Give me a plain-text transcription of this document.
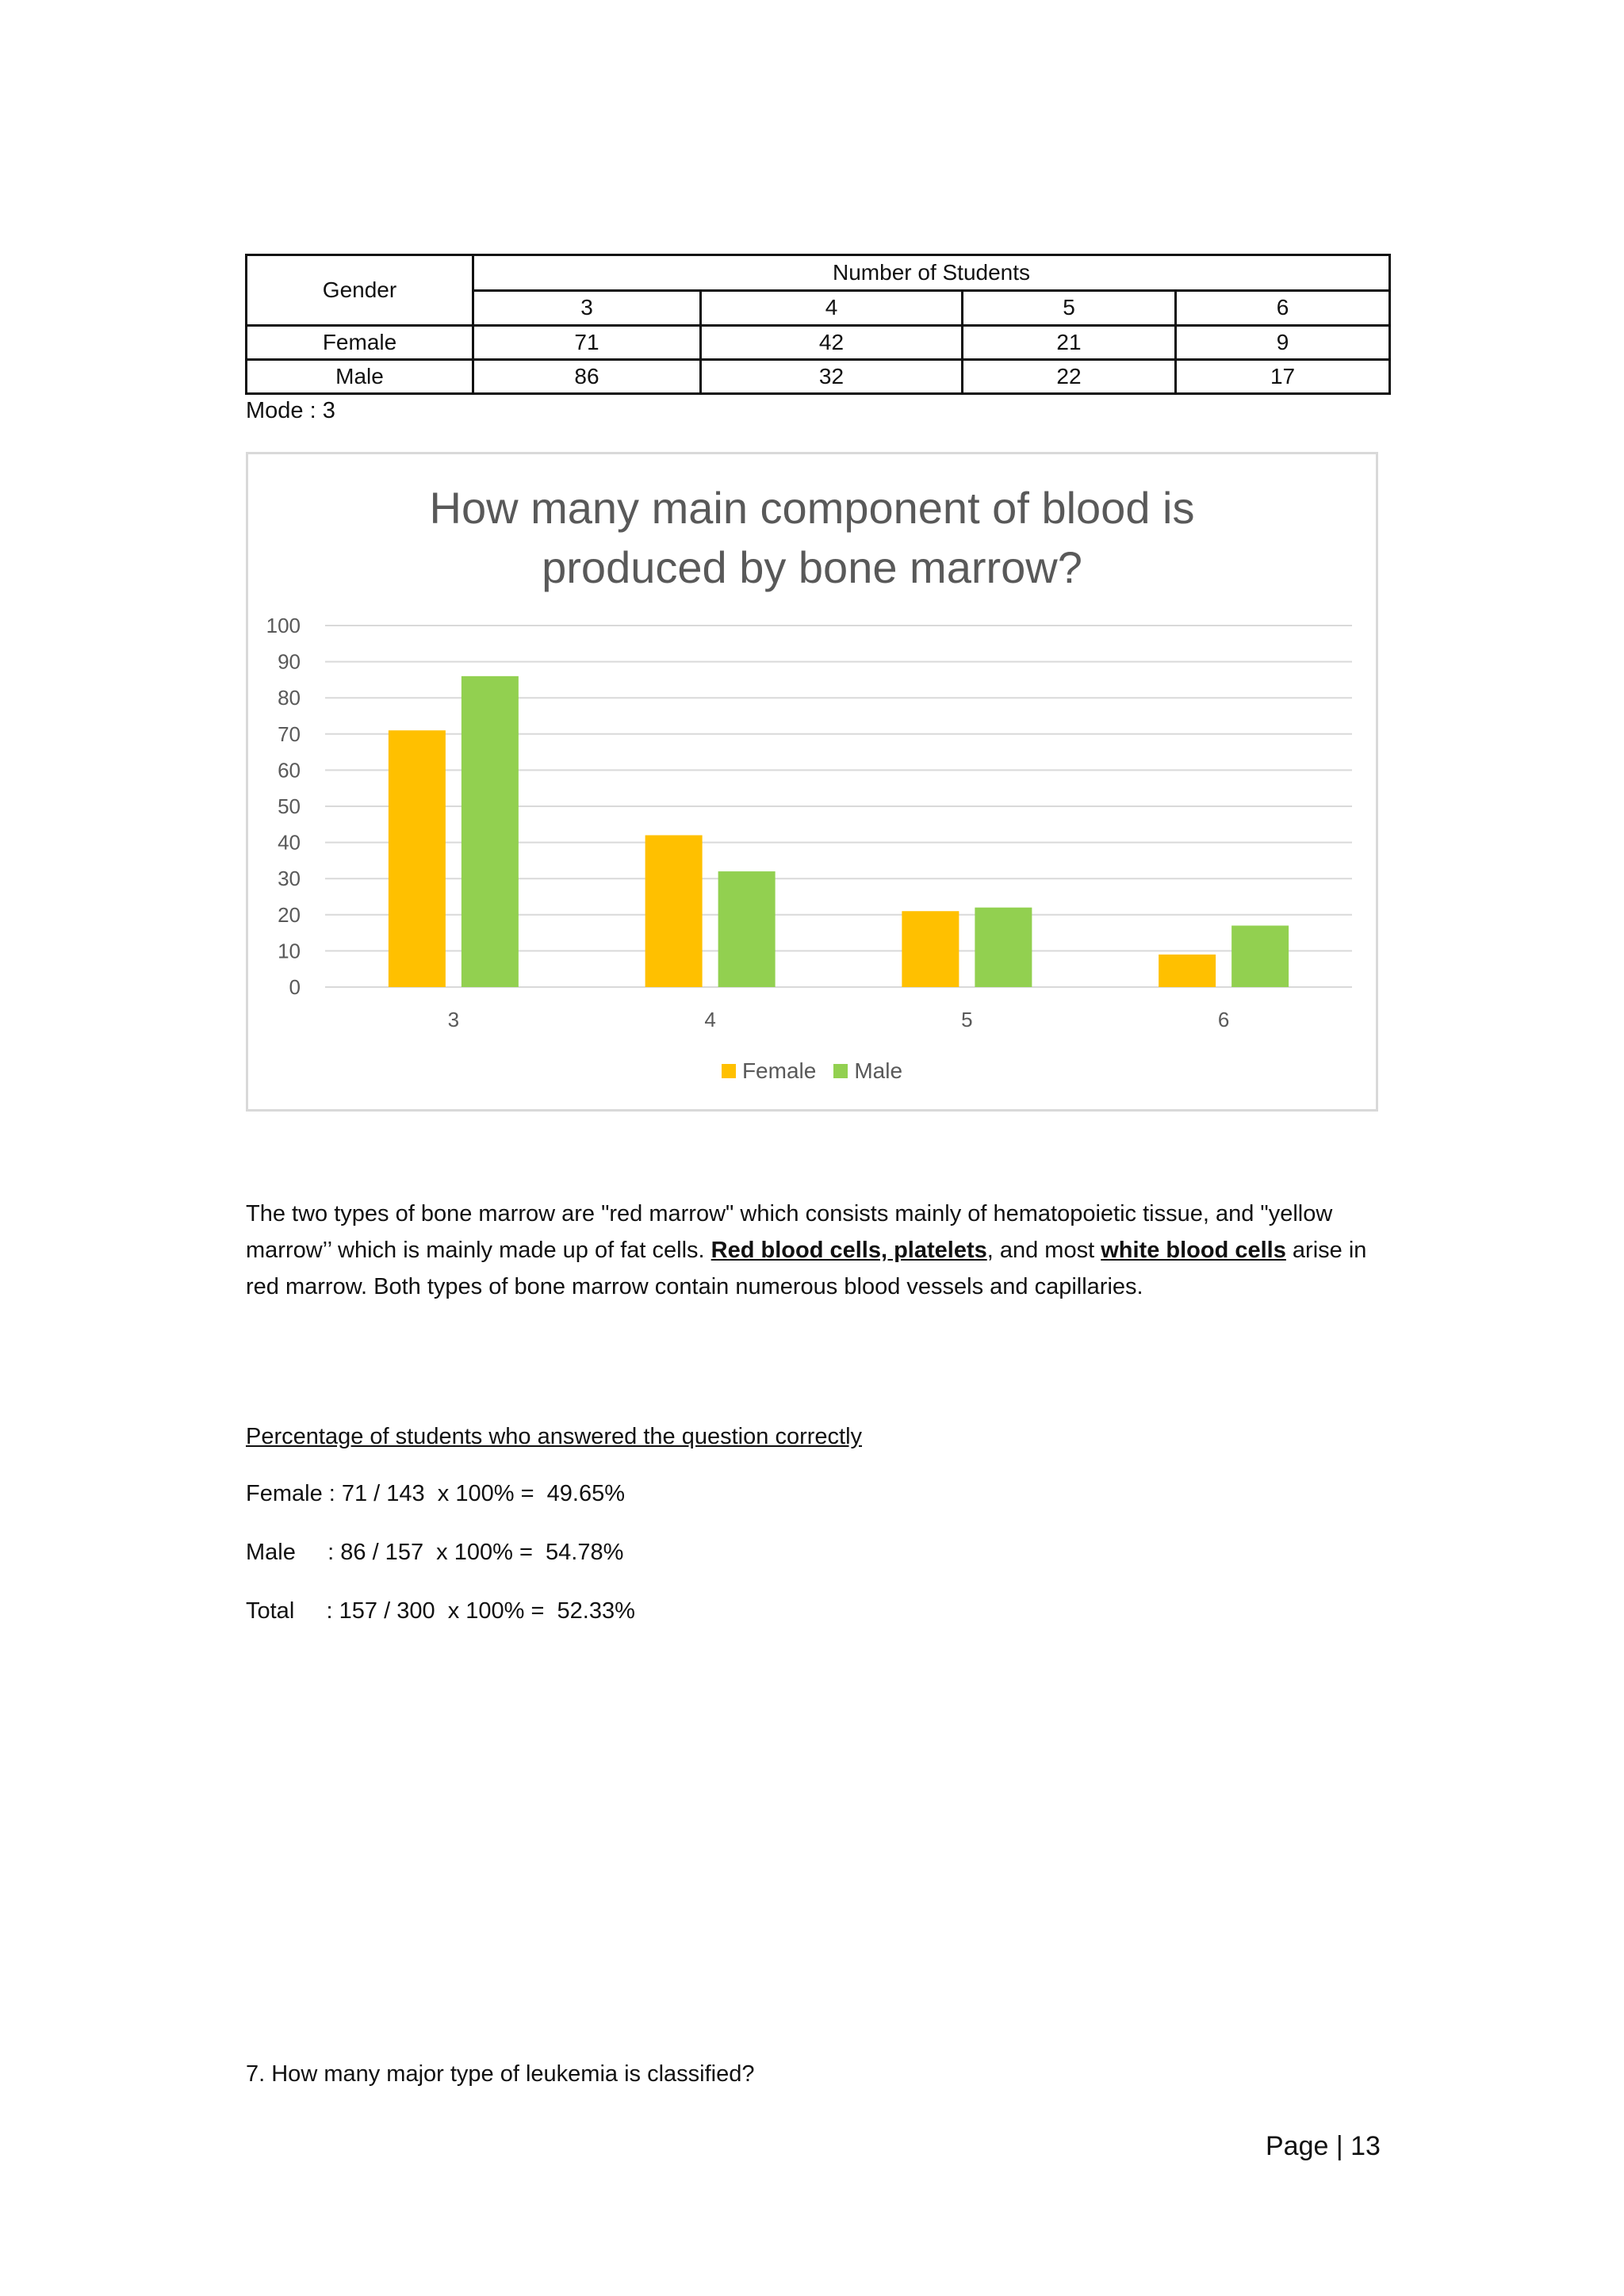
Gender	Number of Students			
	3	4	5	6
Female	71	42	21	9
Male	86	32	22	17
Mode : 3
How many main component of blood is
produced by bone marrow?
0
10
20
30
40
50
60
70
80
90
100
3	4	5	6
Female Male
The two types of bone marrow are "red marrow" which consists mainly of hematopoietic tissue, and "yellow marrow’’ which is mainly made up of fat cells. Red blood cells, platelets, and most white blood cells arise in red marrow. Both types of bone marrow contain numerous blood vessels and capillaries.
Percentage of students who answered the question correctly
Female : 71 / 143  x 100% =  49.65%
Male     : 86 / 157  x 100% =  54.78%
Total     : 157 / 300  x 100% =  52.33%
7. How many major type of leukemia is classified?
Page | 13
